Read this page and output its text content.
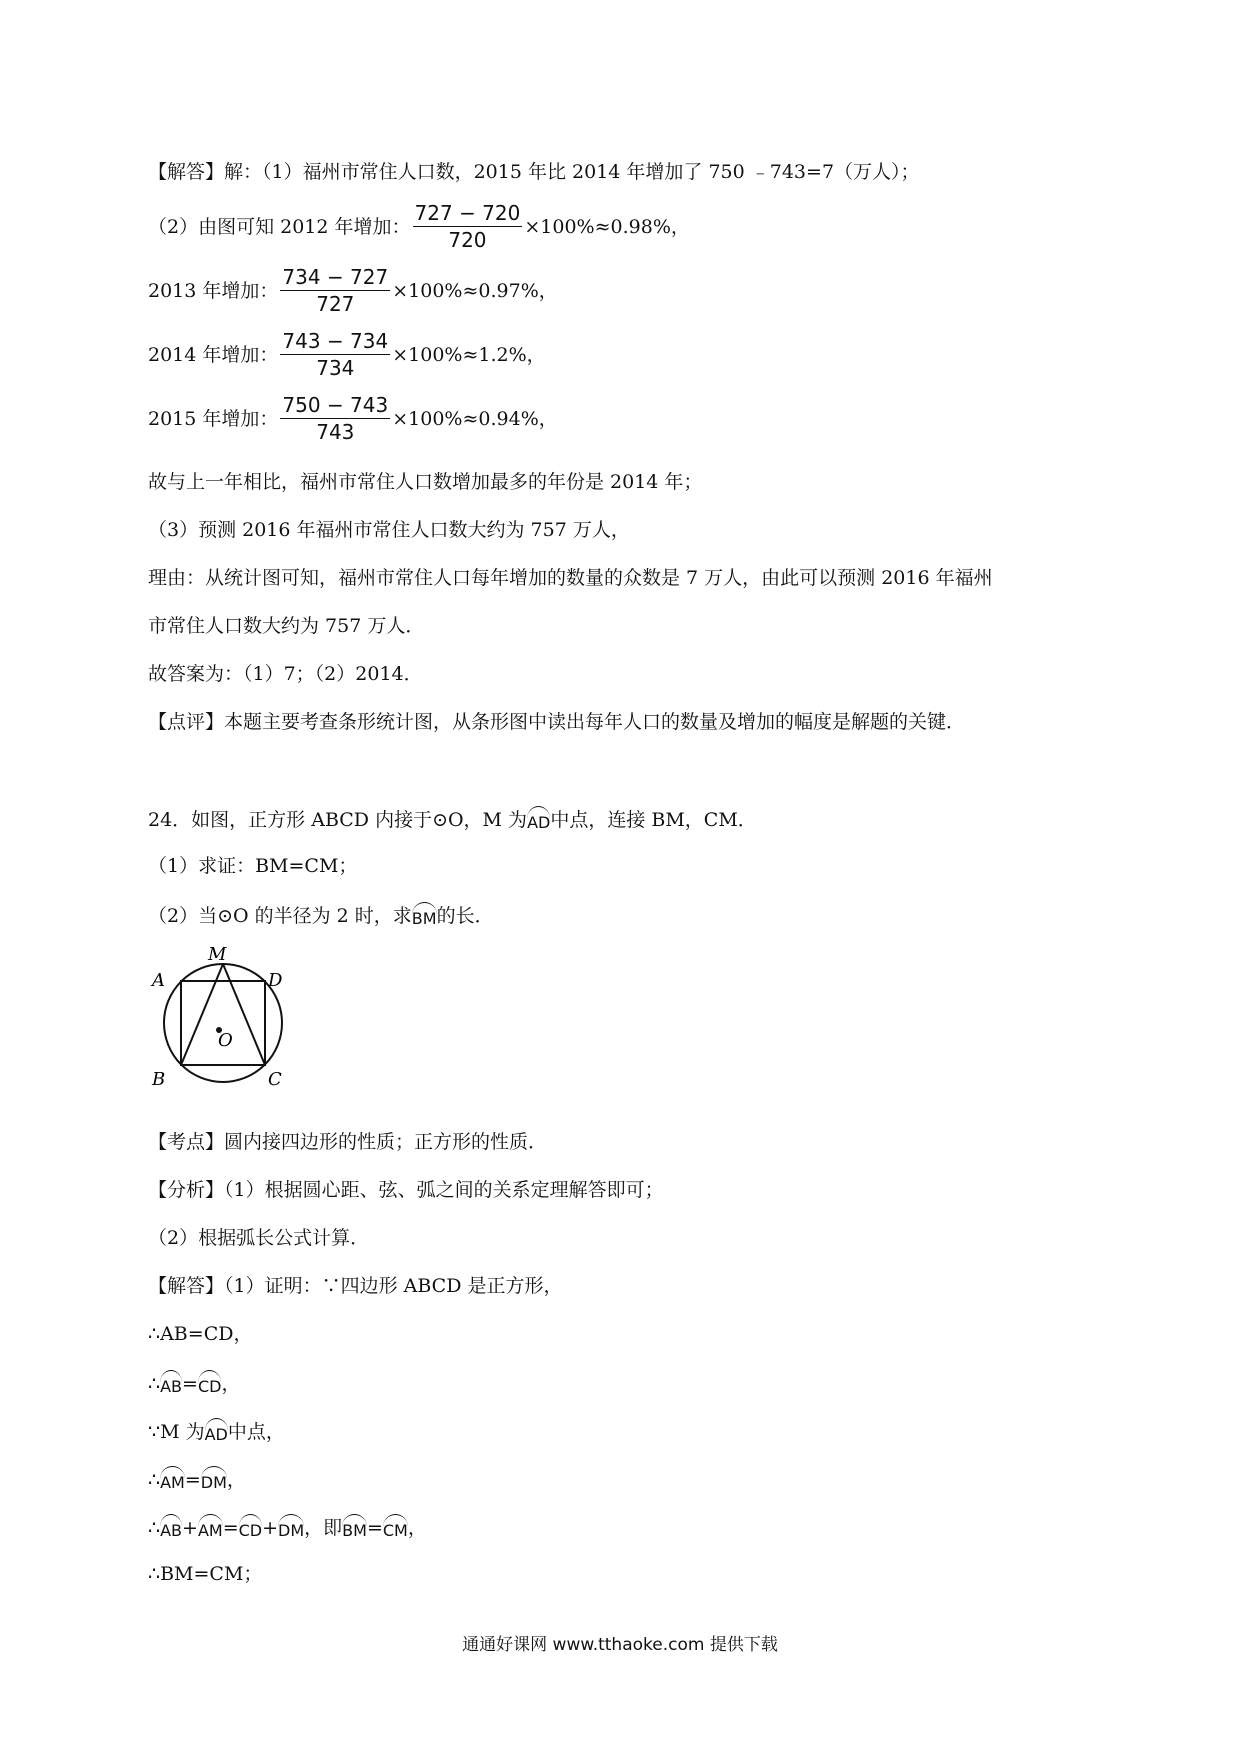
【解答】解：（1）福州市常住人口数，2015 年比 2014 年增加了 750 ﹣743=7（万人）；
（2）由图可知 2012 年增加： $\frac{727 - 720}{720} \times 100\%\approx 0.98\%$，
2013 年增加： $\frac{734 - 727}{727} \times 100\%\approx 0.97\%$，
2014 年增加： $\frac{743 - 734}{734} \times 100\%\approx 1.2\%$，
2015 年增加： $\frac{750 - 743}{743} \times 100\%\approx 0.94\%$，
故与上一年相比，福州市常住人口数增加最多的年份是 2014 年；
（3）预测 2016 年福州市常住人口数大约为 757 万人，
理由：从统计图可知，福州市常住人口每年增加的数量的众数是 7 万人，由此可以预测 2016 年福州
市常住人口数大约为 757 万人．
故答案为：（1）7；（2）2014．
【点评】本题主要考查条形统计图，从条形图中读出每年人口的数量及增加的幅度是解题的关键．
24．如图，正方形 ABCD 内接于⊙O，M 为AD中点，连接 BM，CM．
（1）求证：BM=CM；
（2）当⊙O 的半径为 2 时，求BM的长．
M
A	D
B	C
O
【考点】圆内接四边形的性质；正方形的性质．
【分析】（1）根据圆心距、弦、弧之间的关系定理解答即可；
（2）根据弧长公式计算．
【解答】（1）证明：∵四边形 ABCD 是正方形，
∴AB=CD，
∴AB=CD，
∵M 为AD中点，
∴AM=DM，
∴AB+AM=CD+DM，即BM=CM，
∴BM=CM；
通通好课网 www.tthaoke.com 提供下载
